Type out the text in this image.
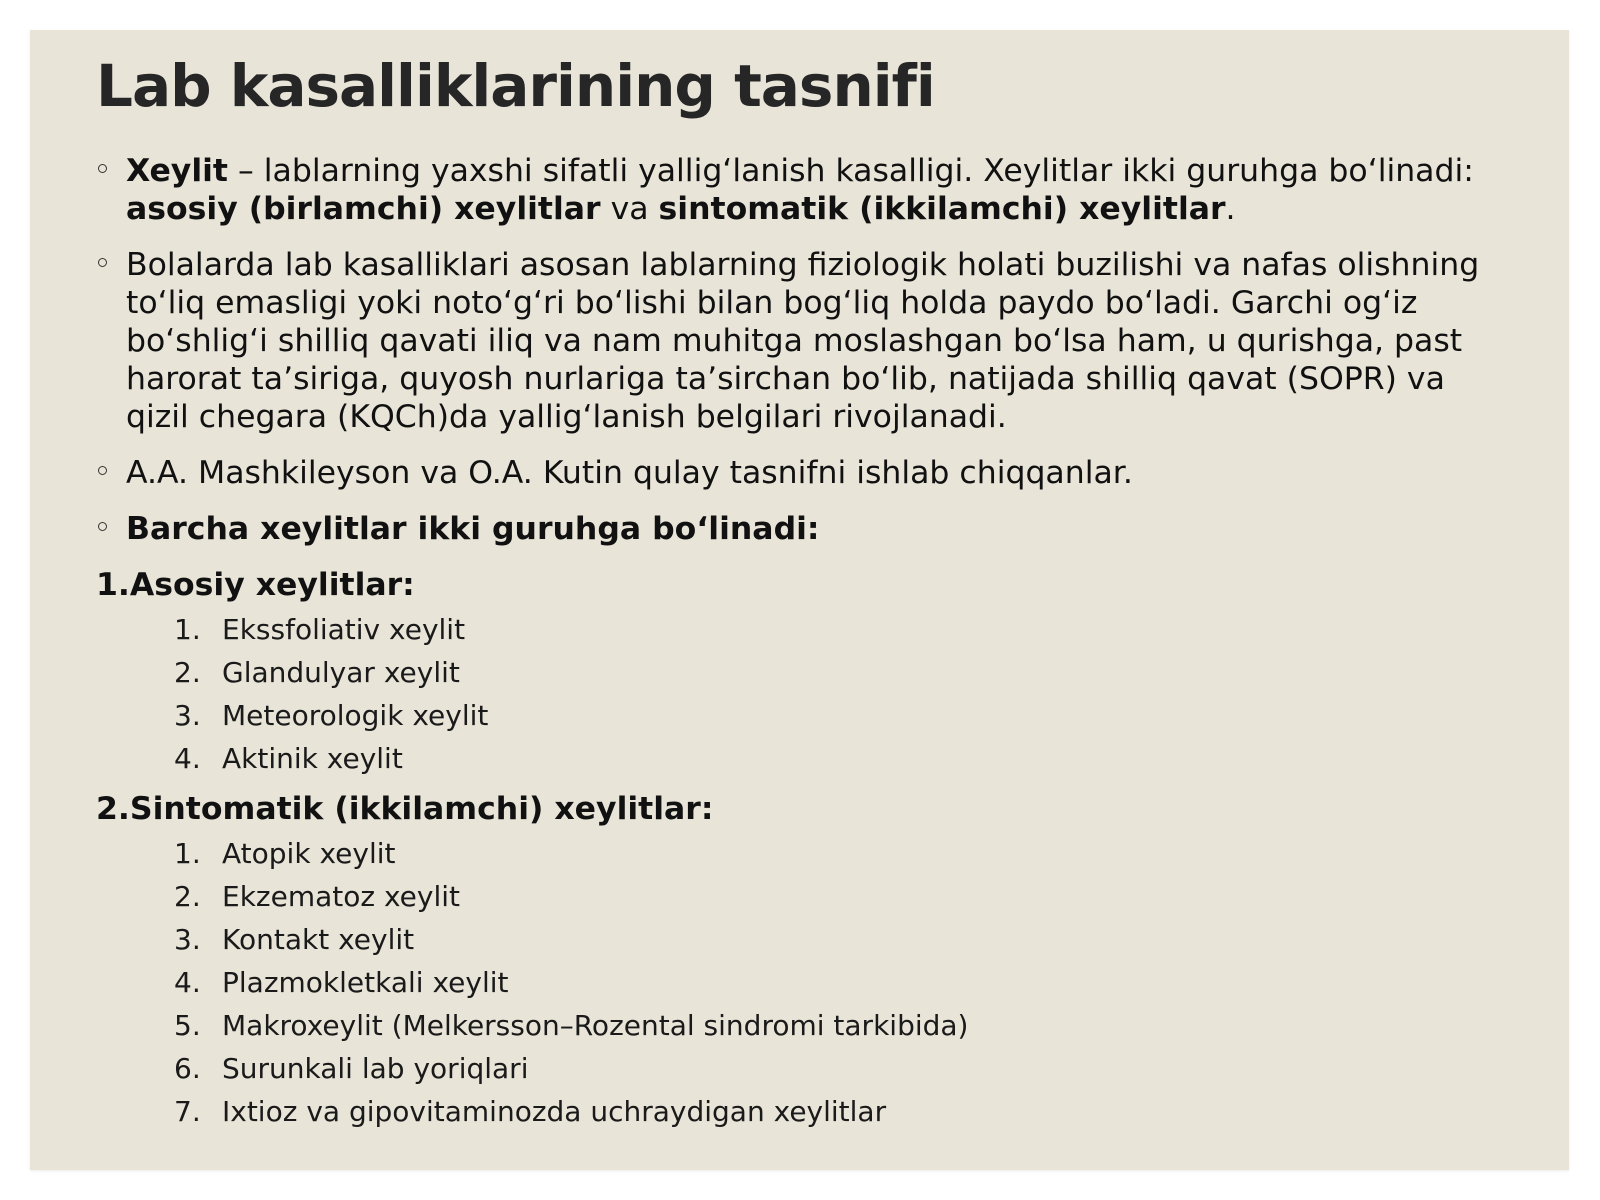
Lab kasalliklarining tasnifi
Xeylit – lablarning yaxshi sifatli yallig‘lanish kasalligi. Xeylitlar ikki guruhga bo‘linadi: asosiy (birlamchi) xeylitlar va sintomatik (ikkilamchi) xeylitlar.
Bolalarda lab kasalliklari asosan lablarning fiziologik holati buzilishi va nafas olishning to‘liq emasligi yoki noto‘g‘ri bo‘lishi bilan bog‘liq holda paydo bo‘ladi. Garchi og‘iz bo‘shlig‘i shilliq qavati iliq va nam muhitga moslashgan bo‘lsa ham, u qurishga, past harorat ta’siriga, quyosh nurlariga ta’sirchan bo‘lib, natijada shilliq qavat (SOPR) va qizil chegara (KQCh)da yallig‘lanish belgilari rivojlanadi.
A.A. Mashkileyson va O.A. Kutin qulay tasnifni ishlab chiqqanlar.
Barcha xeylitlar ikki guruhga bo‘linadi:
1.Asosiy xeylitlar:
1. Ekssfoliativ xeylit
2. Glandulyar xeylit
3. Meteorologik xeylit
4. Aktinik xeylit
2.Sintomatik (ikkilamchi) xeylitlar:
1. Atopik xeylit
2. Ekzematoz xeylit
3. Kontakt xeylit
4. Plazmokletkali xeylit
5. Makroxeylit (Melkersson–Rozental sindromi tarkibida)
6. Surunkali lab yoriqlari
7. Ixtioz va gipovitaminozda uchraydigan xeylitlar
